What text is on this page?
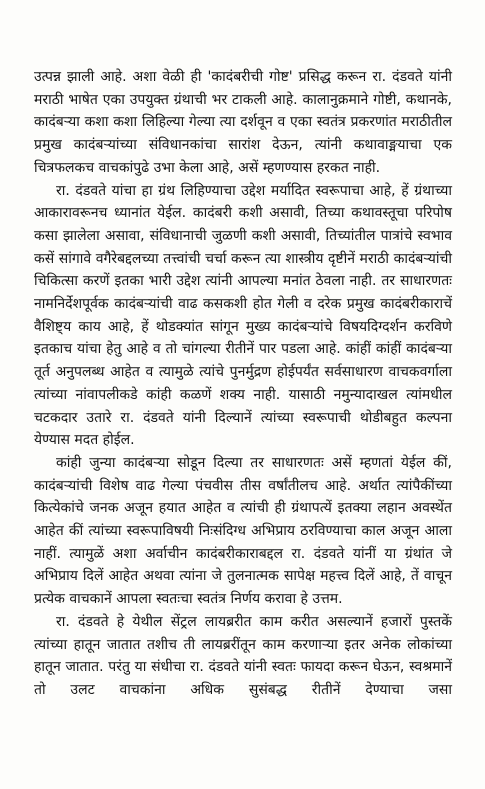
उत्पन्न झाली आहे. अशा वेळी ही 'कादंबरीची गोष्ट' प्रसिद्ध करून रा. दंडवते यांनी मराठी भाषेत एका उपयुक्त ग्रंथाची भर टाकली आहे. कालानुक्रमाने गोष्टी, कथानके, कादंबऱ्या कशा कशा लिहिल्या गेल्या त्या दर्शवून व एका स्वतंत्र प्रकरणांत मराठीतील प्रमुख कादंबऱ्यांच्या संविधानकांचा सारांश देऊन, त्यांनी कथावाङ्मयाचा एक चित्रफलकच वाचकांपुढे उभा केला आहे, असें म्हणण्यास हरकत नाही.

रा. दंडवते यांचा हा ग्रंथ लिहिण्याचा उद्देश मर्यादित स्वरूपाचा आहे, हें ग्रंथाच्या आकारावरूनच ध्यानांत येईल. कादंबरी कशी असावी, तिच्या कथावस्तूचा परिपोष कसा झालेला असावा, संविधानाची जुळणी कशी असावी, तिच्यांतील पात्रांचे स्वभाव कसें सांगावे वगैरेबद्दलच्या तत्त्वांची चर्चा करून त्या शास्त्रीय दृष्टीनें मराठी कादंबऱ्यांची चिकित्सा करणें इतका भारी उद्देश त्यांनी आपल्या मनांत ठेवला नाही. तर साधारणतः नामनिर्देशपूर्वक कादंबऱ्यांची वाढ कसकशी होत गेली व दरेक प्रमुख कादंबरीकाराचें वैशिष्ट्य काय आहे, हें थोडक्यांत सांगून मुख्य कादंबऱ्यांचे विषयदिग्दर्शन करविणे इतकाच यांचा हेतु आहे व तो चांगल्या रीतीनें पार पडला आहे. कांहीं कांहीं कादंबऱ्या तूर्त अनुपलब्ध आहेत व त्यामुळे त्यांचे पुनर्मुद्रण होईपर्यंत सर्वसाधारण वाचकवर्गाला त्यांच्या नांवापलीकडे कांही कळणें शक्य नाही. यासाठी नमुन्यादाखल त्यांमधील चटकदार उतारे रा. दंडवते यांनी दिल्यानें त्यांच्या स्वरूपाची थोडीबहुत कल्पना येण्यास मदत होईल.

कांही जुन्या कादंबऱ्या सोडून दिल्या तर साधारणतः असें म्हणतां येईल कीं, कादंबऱ्यांची विशेष वाढ गेल्या पंचवीस तीस वर्षांतीलच आहे. अर्थात त्यांपैकींच्या कित्येकांचे जनक अजून हयात आहेत व त्यांची ही ग्रंथापत्यें इतक्या लहान अवस्थेंत आहेत कीं त्यांच्या स्वरूपाविषयी निःसंदिग्ध अभिप्राय ठरविण्याचा काल अजून आला नाहीं. त्यामुळें अशा अर्वाचीन कादंबरीकाराबद्दल रा. दंडवते यांनीं या ग्रंथांत जे अभिप्राय दिलें आहेत अथवा त्यांना जे तुलनात्मक सापेक्ष महत्त्व दिलें आहे, तें वाचून प्रत्येक वाचकानें आपला स्वतःचा स्वतंत्र निर्णय करावा हे उत्तम.

रा. दंडवते हे येथील सेंट्रल लायब्ररीत काम करीत असल्यानें हजारों पुस्तकें त्यांच्या हातून जातात तशीच ती लायब्ररींतून काम करणाऱ्या इतर अनेक लोकांच्या हातून जातात. परंतु या संधीचा रा. दंडवते यांनी स्वतः फायदा करून घेऊन, स्वश्रमानें तो उलट वाचकांना अधिक सुसंबद्ध रीतीनें देण्याचा जसा
